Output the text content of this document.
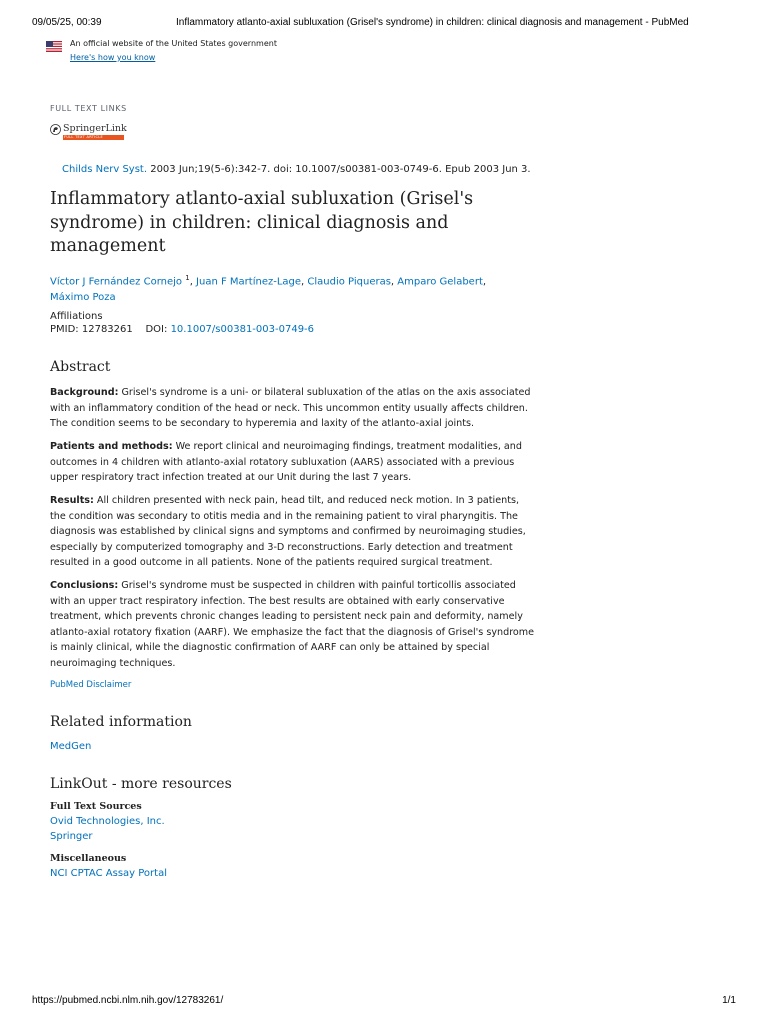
09/05/25, 00:39	Inflammatory atlanto-axial subluxation (Grisel's syndrome) in children: clinical diagnosis and management - PubMed
An official website of the United States government
Here's how you know
FULL TEXT LINKS
SpringerLink
FULL TEXT ARTICLE
Childs Nerv Syst. 2003 Jun;19(5-6):342-7. doi: 10.1007/s00381-003-0749-6. Epub 2003 Jun 3.
Inflammatory atlanto-axial subluxation (Grisel's syndrome) in children: clinical diagnosis and management
Víctor J Fernández Cornejo $^1$, Juan F Martínez-Lage, Claudio Piqueras, Amparo Gelabert,
Máximo Poza
Affiliations
PMID: 12783261 DOI: 10.1007/s00381-003-0749-6
Abstract

Background: Grisel's syndrome is a uni- or bilateral subluxation of the atlas on the axis associated with an inflammatory condition of the head or neck. This uncommon entity usually affects children. The condition seems to be secondary to hyperemia and laxity of the atlanto-axial joints.

Patients and methods: We report clinical and neuroimaging findings, treatment modalities, and outcomes in 4 children with atlanto-axial rotatory subluxation (AARS) associated with a previous upper respiratory tract infection treated at our Unit during the last 7 years.

Results: All children presented with neck pain, head tilt, and reduced neck motion. In 3 patients, the condition was secondary to otitis media and in the remaining patient to viral pharyngitis. The diagnosis was established by clinical signs and symptoms and confirmed by neuroimaging studies, especially by computerized tomography and 3-D reconstructions. Early detection and treatment resulted in a good outcome in all patients. None of the patients required surgical treatment.

Conclusions: Grisel's syndrome must be suspected in children with painful torticollis associated with an upper tract respiratory infection. The best results are obtained with early conservative treatment, which prevents chronic changes leading to persistent neck pain and deformity, namely atlanto-axial rotatory fixation (AARF). We emphasize the fact that the diagnosis of Grisel's syndrome is mainly clinical, while the diagnostic confirmation of AARF can only be attained by special neuroimaging techniques.

PubMed Disclaimer
Related information
MedGen
LinkOut - more resources
Full Text Sources
Ovid Technologies, Inc.
Springer
Miscellaneous
NCI CPTAC Assay Portal
https://pubmed.ncbi.nlm.nih.gov/12783261/	1/1
